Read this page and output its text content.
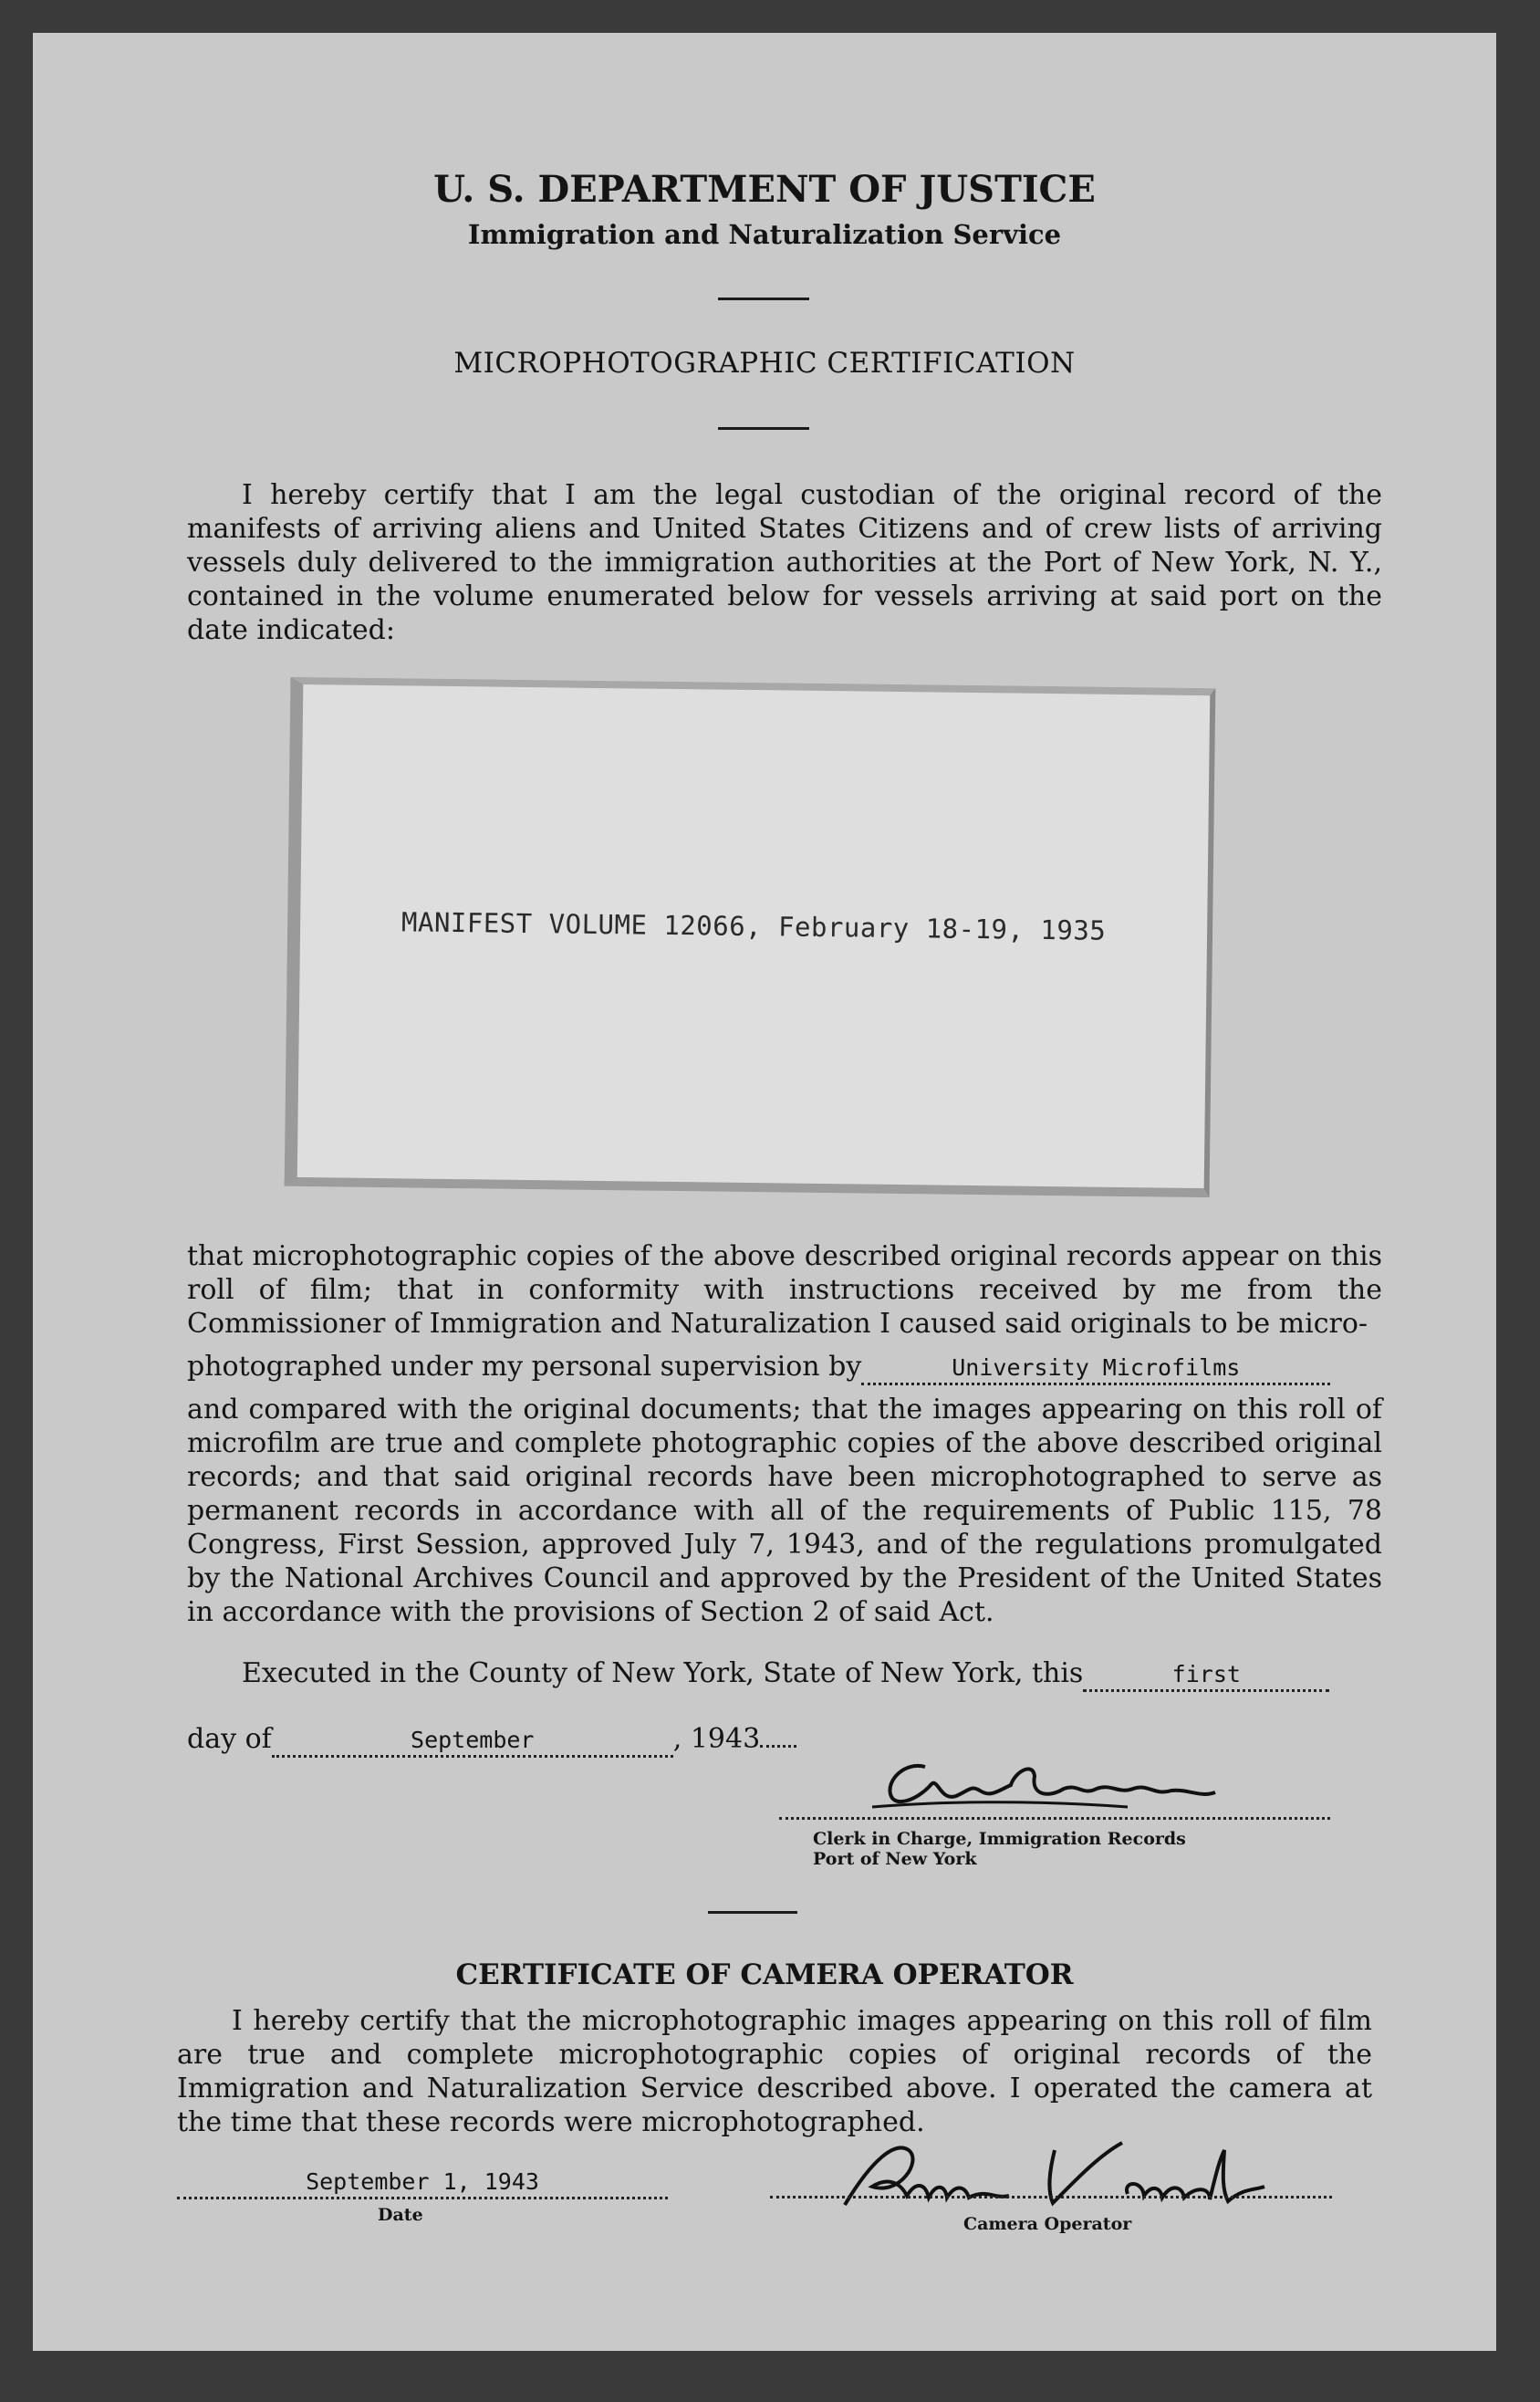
U. S. DEPARTMENT OF JUSTICE
Immigration and Naturalization Service
MICROPHOTOGRAPHIC CERTIFICATION
I hereby certify that I am the legal custodian of the original record of the manifests of arriving aliens and United States Citizens and of crew lists of arriving vessels duly delivered to the immigration authorities at the Port of New York, N. Y., contained in the volume enumerated below for vessels arriving at said port on the date indicated:
MANIFEST VOLUME 12066, February 18-19, 1935
that microphotographic copies of the above described original records appear on this roll of film; that in conformity with instructions received by me from the Commissioner of Immigration and Naturalization I caused said originals to be micro-
photographed under my personal supervision by	University Microfilms
and compared with the original documents; that the images appearing on this roll of microfilm are true and complete photographic copies of the above described original records; and that said original records have been microphotographed to serve as permanent records in accordance with all of the requirements of Public 115, 78 Congress, First Session, approved July 7, 1943, and of the regulations promulgated by the National Archives Council and approved by the President of the United States in accordance with the provisions of Section 2 of said Act.
Executed in the County of New York, State of New York, this	first
day of	September	, 1943
Clerk in Charge, Immigration Records
Port of New York
CERTIFICATE OF CAMERA OPERATOR
I hereby certify that the microphotographic images appearing on this roll of film are true and complete microphotographic copies of original records of the Immigration and Naturalization Service described above. I operated the camera at the time that these records were microphotographed.
September 1, 1943
Date	Camera Operator
